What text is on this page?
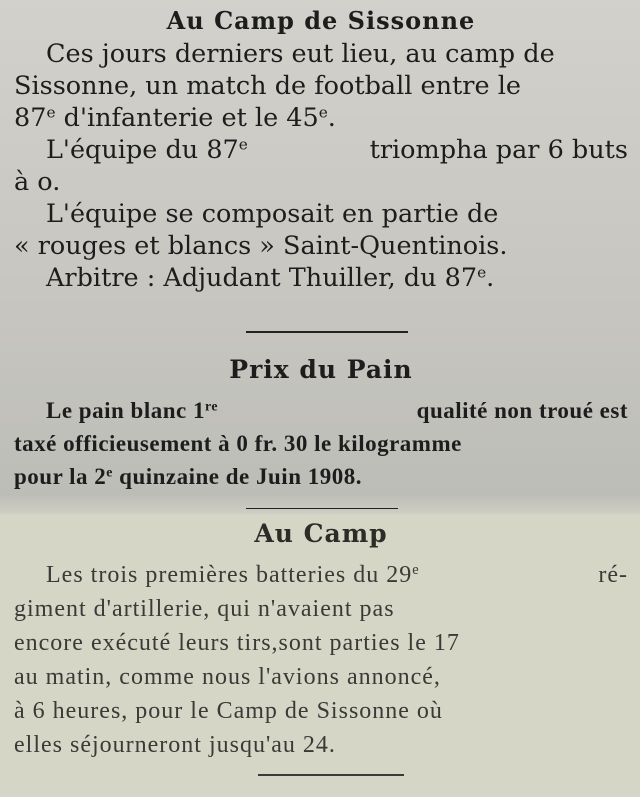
Au Camp de Sissonne
Ces jours derniers eut lieu, au camp de
Sissonne, un match de football entre le
87e d'infanterie et le 45e.
L'équipe du 87e	triompha par 6 buts
à o.
L'équipe se composait en partie de
« rouges et blancs » Saint-Quentinois.
Arbitre : Adjudant Thuiller, du 87e.
Prix du Pain
Le pain blanc 1re	qualité non troué est
taxé officieusement à 0 fr. 30 le kilogramme
pour la 2e quinzaine de Juin 1908.
Au Camp
Les trois premières batteries du 29e	ré-
giment d'artillerie, qui n'avaient pas
encore exécuté leurs tirs,sont parties le 17
au matin, comme nous l'avions annoncé,
à 6 heures, pour le Camp de Sissonne où
elles séjourneront jusqu'au 24.
